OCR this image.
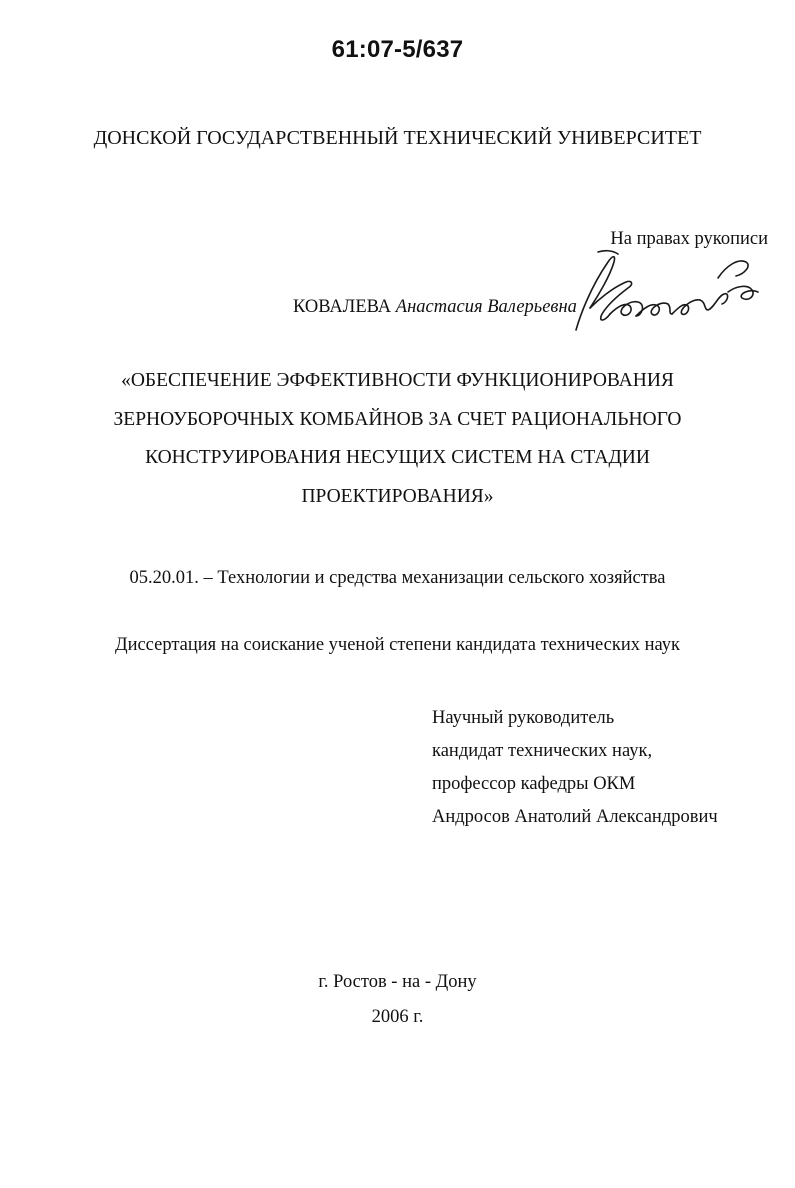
61:07-5/637
ДОНСКОЙ ГОСУДАРСТВЕННЫЙ ТЕХНИЧЕСКИЙ УНИВЕРСИТЕТ
На правах рукописи
КОВАЛЕВА Анастасия Валерьевна
«ОБЕСПЕЧЕНИЕ ЭФФЕКТИВНОСТИ ФУНКЦИОНИРОВАНИЯ
ЗЕРНОУБОРОЧНЫХ КОМБАЙНОВ ЗА СЧЕТ РАЦИОНАЛЬНОГО
КОНСТРУИРОВАНИЯ НЕСУЩИХ СИСТЕМ НА СТАДИИ
ПРОЕКТИРОВАНИЯ»
05.20.01. – Технологии и средства механизации сельского хозяйства
Диссертация на соискание ученой степени кандидата технических наук
Научный руководитель
кандидат технических наук,
профессор кафедры ОКМ
Андросов Анатолий Александрович
г. Ростов - на - Дону
2006 г.
